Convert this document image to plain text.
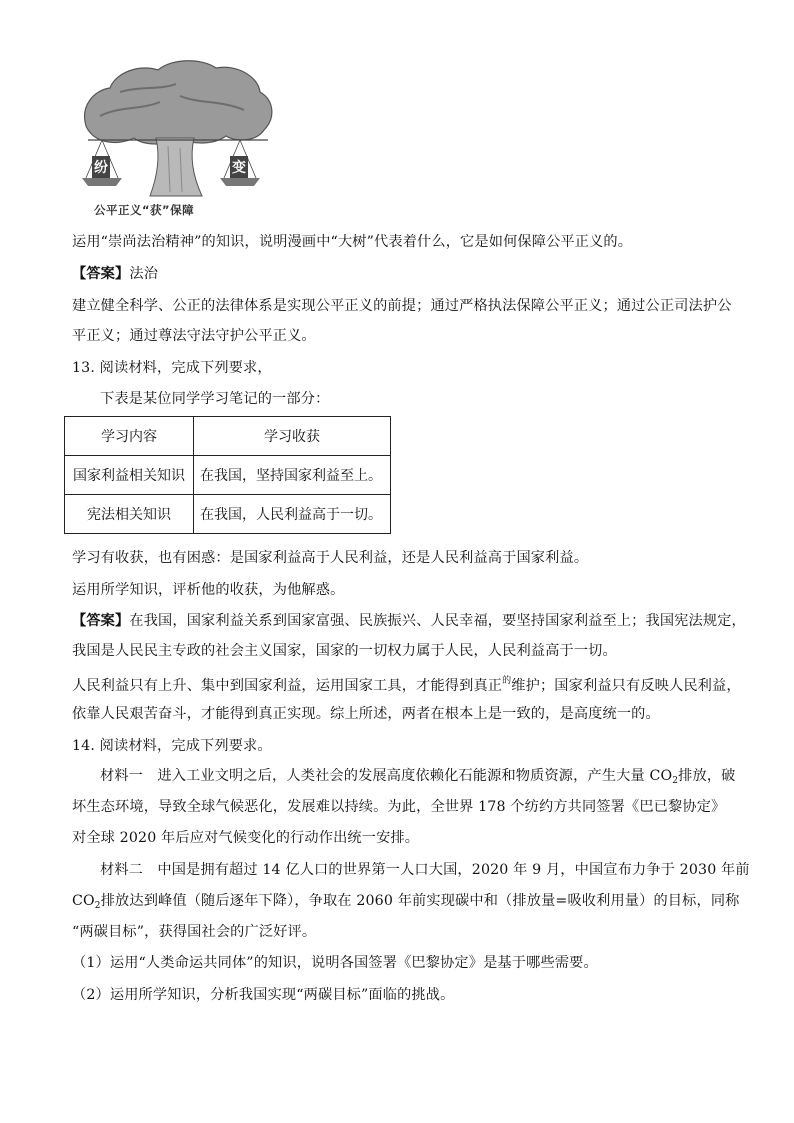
纷	变
公平正义“获”保障
运用“崇尚法治精神”的知识，说明漫画中“大树”代表着什么，它是如何保障公平正义的。
【答案】法治
建立健全科学、公正的法律体系是实现公平正义的前提；通过严格执法保障公平正义；通过公正司法护公
平正义；通过尊法守法守护公平正义。
13. 阅读材料，完成下列要求，
下表是某位同学学习笔记的一部分：
学习内容	学习收获
国家利益相关知识	在我国，坚持国家利益至上。
宪法相关知识	在我国，人民利益高于一切。
学习有收获，也有困惑：是国家利益高于人民利益，还是人民利益高于国家利益。
运用所学知识，评析他的收获，为他解惑。
【答案】在我国，国家利益关系到国家富强、民族振兴、人民幸福，要坚持国家利益至上；我国宪法规定，
我国是人民民主专政的社会主义国家，国家的一切权力属于人民，人民利益高于一切。
人民利益只有上升、集中到国家利益，运用国家工具，才能得到真正$^的$维护；国家利益只有反映人民利益，
依靠人民艰苦奋斗，才能得到真正实现。综上所述，两者在根本上是一致的，是高度统一的。
14. 阅读材料，完成下列要求。
材料一　进入工业文明之后，人类社会的发展高度依赖化石能源和物质资源，产生大量 $CO_2$排放，破
坏生态环境，导致全球气候恶化，发展难以持续。为此，全世界 178 个纺约方共同签署《巴已黎协定》
对全球 2020 年后应对气候变化的行动作出统一安排。
材料二　中国是拥有超过 14 亿人口的世界第一人口大国，2020 年 9 月，中国宣布力争于 2030 年前
$CO_2$排放达到峰值（随后逐年下降），争取在 2060 年前实现碳中和（排放量=吸收利用量）的目标，同称
“两碳目标”，获得国社会的广泛好评。
（1）运用“人类命运共同体”的知识，说明各国签署《巴黎协定》是基于哪些需要。
（2）运用所学知识，分析我国实现“两碳目标”面临的挑战。
